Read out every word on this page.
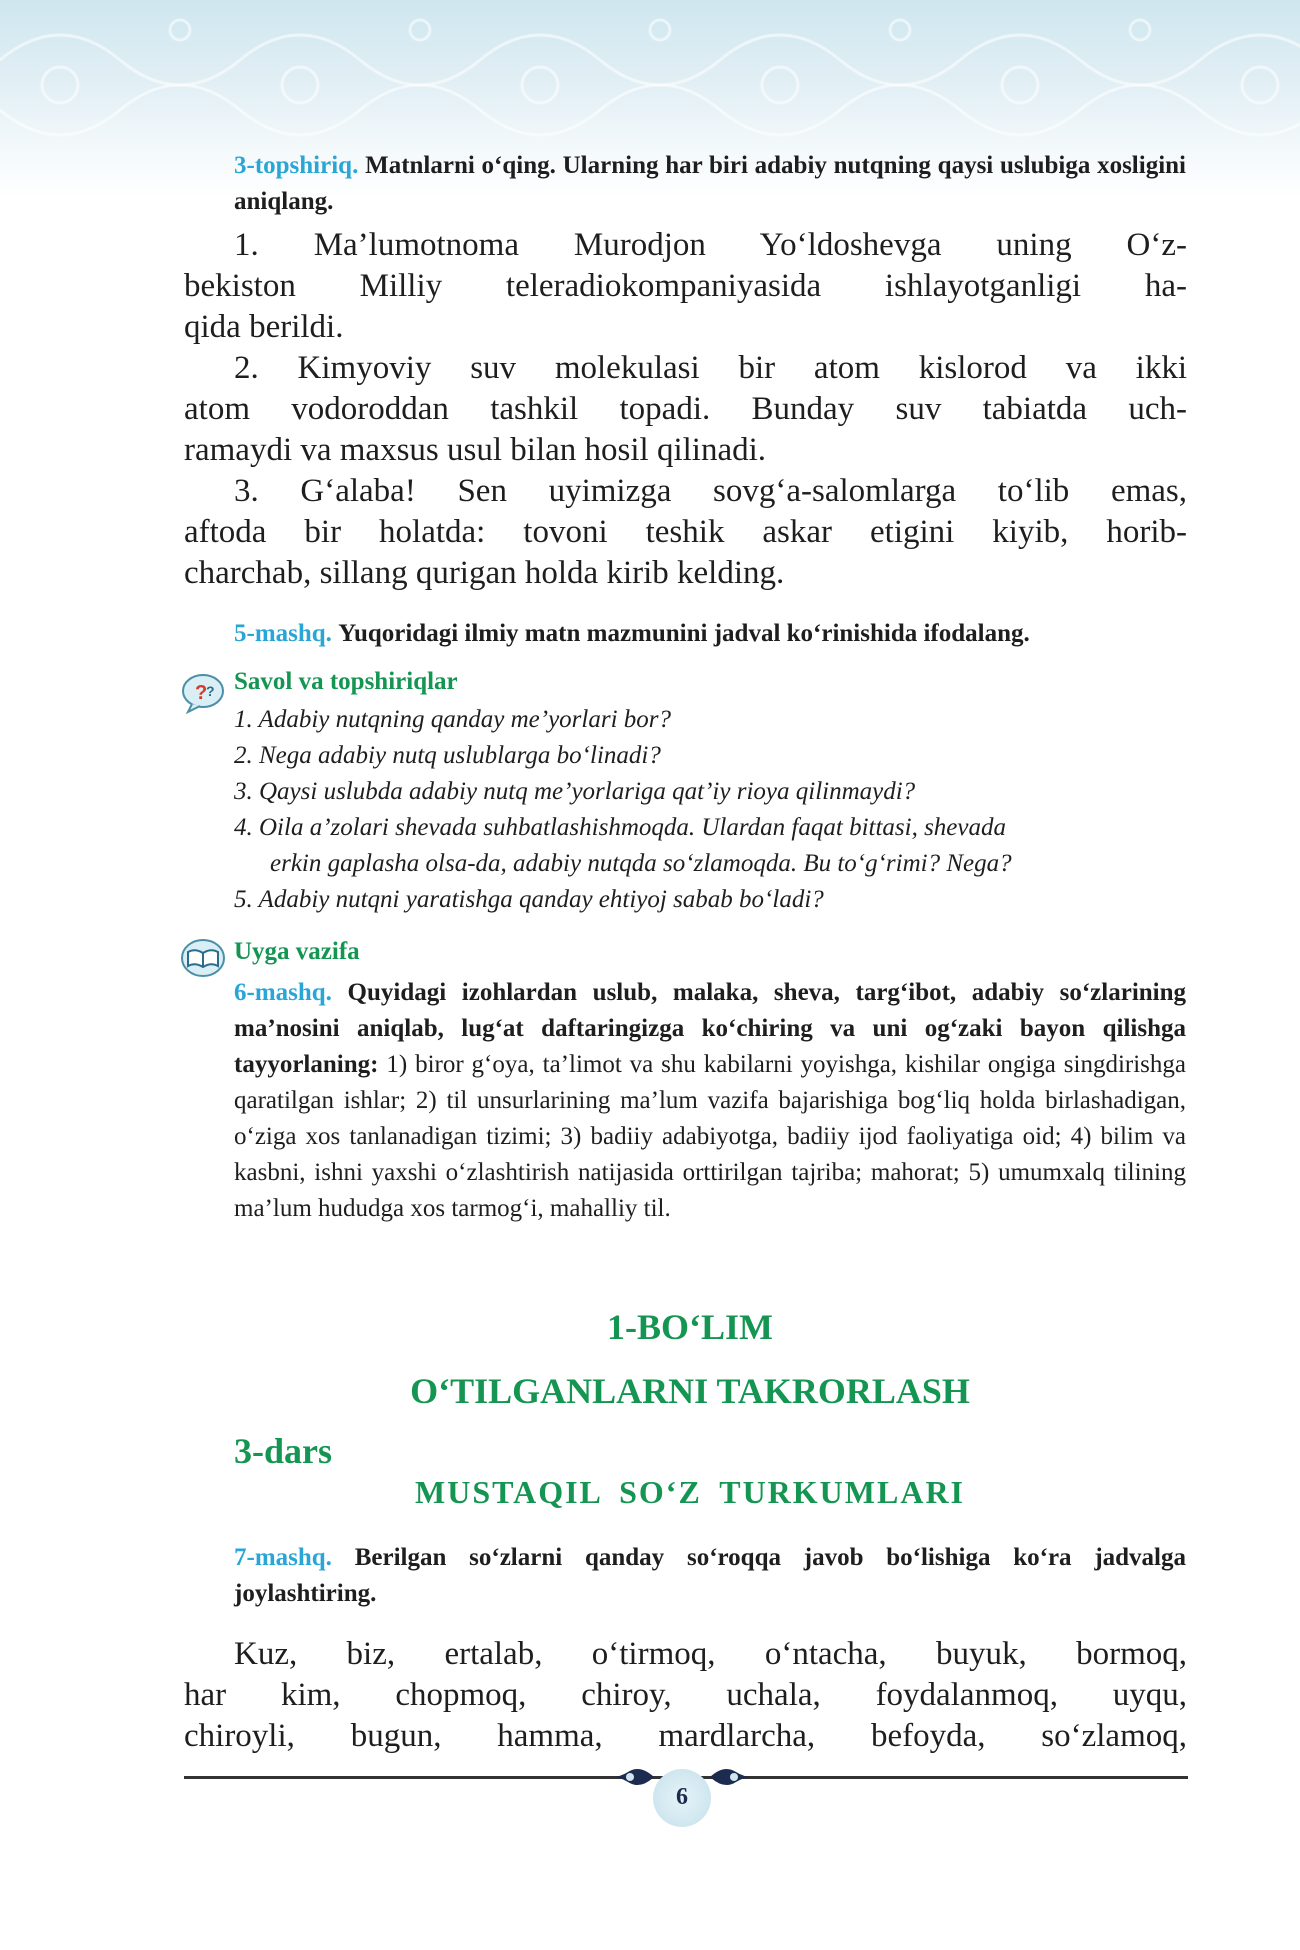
3-topshiriq. Matnlarni o‘qing. Ularning har biri adabiy nutqning qaysi uslubiga xosligini aniqlang.

1. Ma’lumotnoma Murodjon Yo‘ldoshevga uning O‘z-

bekiston Milliy teleradiokompaniyasida ishlayotganligi ha-

qida berildi.

2. Kimyoviy suv molekulasi bir atom kislorod va ikki

atom vodoroddan tashkil topadi. Bunday suv tabiatda uch-

ramaydi va maxsus usul bilan hosil qilinadi.

3. G‘alaba! Sen uyimizga sovg‘a-salomlarga to‘lib emas,

aftoda bir holatda: tovoni teshik askar etigini kiyib, horib-

charchab, sillang qurigan holda kirib kelding.

5-mashq. Yuqoridagi ilmiy matn mazmunini jadval ko‘rinishida ifodalang.
?
? Savol va topshiriqlar
1. Adabiy nutqning qanday me’yorlari bor?
2. Nega adabiy nutq uslublarga bo‘linadi?
3. Qaysi uslubda adabiy nutq me’yorlariga qat’iy rioya qilinmaydi?
4. Oila a’zolari shevada suhbatlashishmoqda. Ulardan faqat bittasi, shevada
erkin gaplasha olsa-da, adabiy nutqda so‘zlamoqda. Bu to‘g‘rimi? Nega?
5. Adabiy nutqni yaratishga qanday ehtiyoj sabab bo‘ladi?
Uyga vazifa
6-mashq. Quyidagi izohlardan uslub, malaka, sheva, targ‘ibot, adabiy so‘zlarining ma’nosini aniqlab, lug‘at daftaringizga ko‘chiring va uni og‘zaki bayon qilishga tayyorlaning: 1) biror g‘oya, ta’limot va shu kabilarni yoyishga, kishilar ongiga singdirishga qaratilgan ishlar; 2) til unsurlarining ma’lum vazifa bajarishiga bog‘liq holda birlashadigan, o‘ziga xos tanlanadigan tizimi; 3) badiiy adabiyotga, badiiy ijod faoliyatiga oid; 4) bilim va kasbni, ishni yaxshi o‘zlashtirish natijasida orttirilgan tajriba; mahorat; 5) umumxalq tilining ma’lum hududga xos tarmog‘i, mahalliy til.
1-BO‘LIM
O‘TILGANLARNI TAKRORLASH
3-dars
MUSTAQIL SO‘Z TURKUMLARI
7-mashq. Berilgan so‘zlarni qanday so‘roqqa javob bo‘lishiga ko‘ra jadvalga joylashtiring.

Kuz, biz, ertalab, o‘tirmoq, o‘ntacha, buyuk, bormoq,

har kim, chopmoq, chiroy, uchala, foydalanmoq, uyqu,

chiroyli, bugun, hamma, mardlarcha, befoyda, so‘zlamoq,

6
